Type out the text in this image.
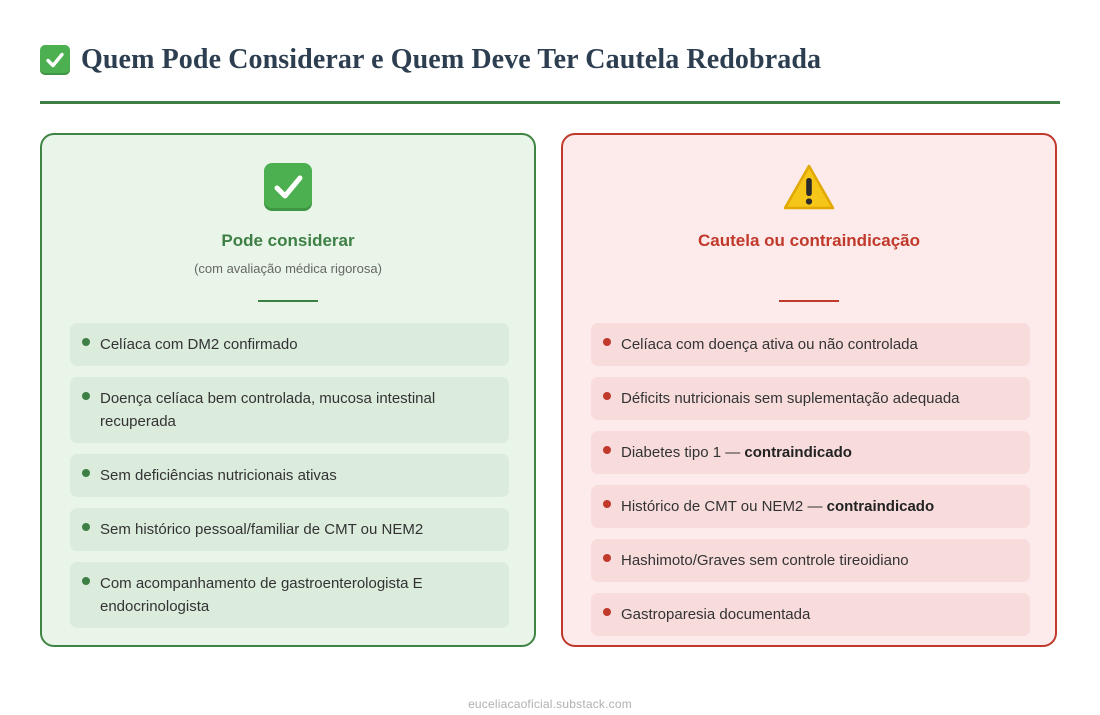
Quem Pode Considerar e Quem Deve Ter Cautela Redobrada
Pode considerar
(com avaliação médica rigorosa)
Celíaca com DM2 confirmado
Doença celíaca bem controlada, mucosa intestinal recuperada
Sem deficiências nutricionais ativas
Sem histórico pessoal/familiar de CMT ou NEM2
Com acompanhamento de gastroenterologista E endocrinologista
Cautela ou contraindicação
Celíaca com doença ativa ou não controlada
Déficits nutricionais sem suplementação adequada
Diabetes tipo 1 — contraindicado
Histórico de CMT ou NEM2 — contraindicado
Hashimoto/Graves sem controle tireoidiano
Gastroparesia documentada
euceliacaoficial.substack.com
